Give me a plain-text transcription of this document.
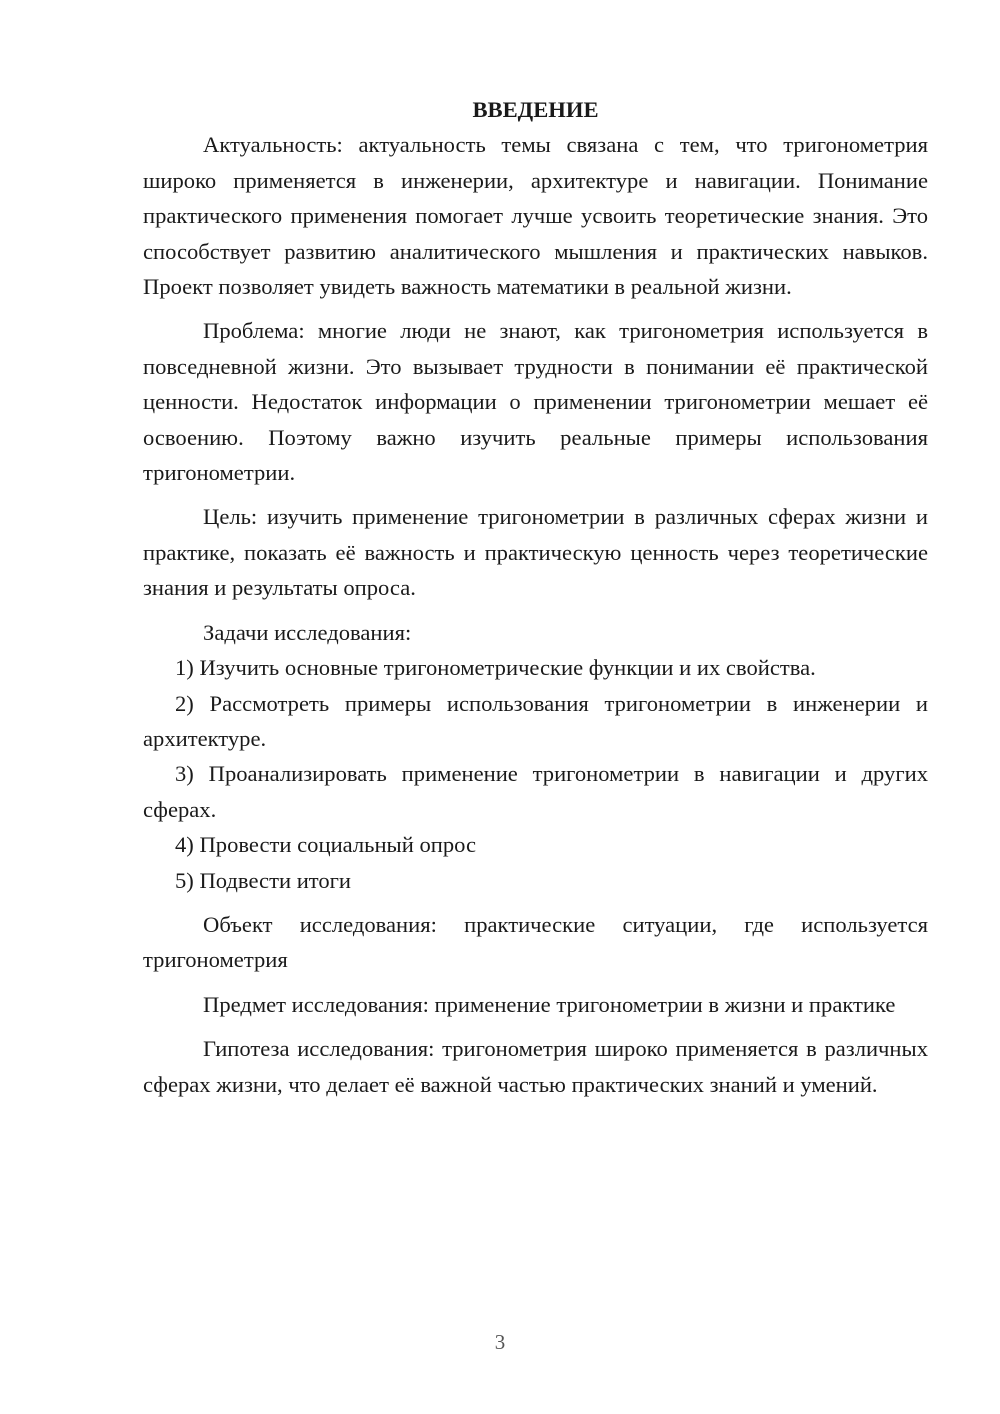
ВВЕДЕНИЕ

Актуальность: актуальность темы связана с тем, что тригонометрия широко применяется в инженерии, архитектуре и навигации. Понимание практического применения помогает лучше усвоить теоретические знания. Это способствует развитию аналитического мышления и практических навыков. Проект позволяет увидеть важность математики в реальной жизни.

Проблема: многие люди не знают, как тригонометрия используется в повседневной жизни. Это вызывает трудности в понимании её практической ценности. Недостаток информации о применении тригонометрии мешает её освоению. Поэтому важно изучить реальные примеры использования тригонометрии.

Цель: изучить применение тригонометрии в различных сферах жизни и практике, показать её важность и практическую ценность через теоретические знания и результаты опроса.

Задачи исследования:

1) Изучить основные тригонометрические функции и их свойства.

2) Рассмотреть примеры использования тригонометрии в инженерии и архитектуре.

3) Проанализировать применение тригонометрии в навигации и других сферах.

4) Провести социальный опрос

5) Подвести итоги

Объект исследования: практические ситуации, где используется тригонометрия

Предмет исследования: применение тригонометрии в жизни и практике

Гипотеза исследования: тригонометрия широко применяется в различных сферах жизни, что делает её важной частью практических знаний и умений.

3
